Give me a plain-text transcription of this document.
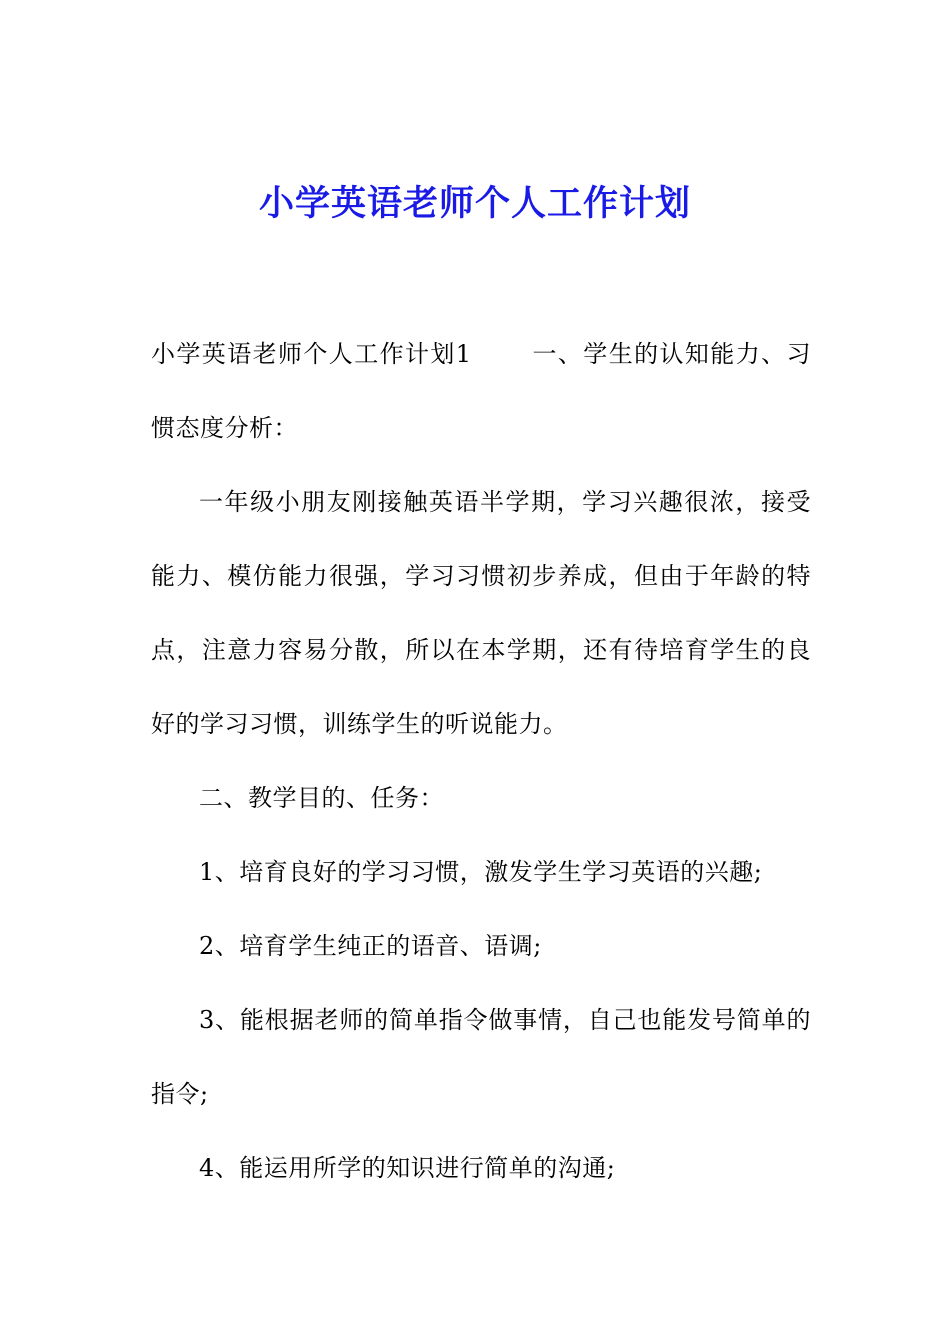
小学英语老师个人工作计划

小学英语老师个人工作计划1	一、学生的认知能力、习惯态度分析：

一年级小朋友刚接触英语半学期，学习兴趣很浓，接受能力、模仿能力很强，学习习惯初步养成，但由于年龄的特点，注意力容易分散，所以在本学期，还有待培育学生的良好的学习习惯，训练学生的听说能力。

二、教学目的、任务：

1、培育良好的学习习惯，激发学生学习英语的兴趣;

2、培育学生纯正的语音、语调;

3、能根据老师的简单指令做事情，自己也能发号简单的指令;

4、能运用所学的知识进行简单的沟通;
